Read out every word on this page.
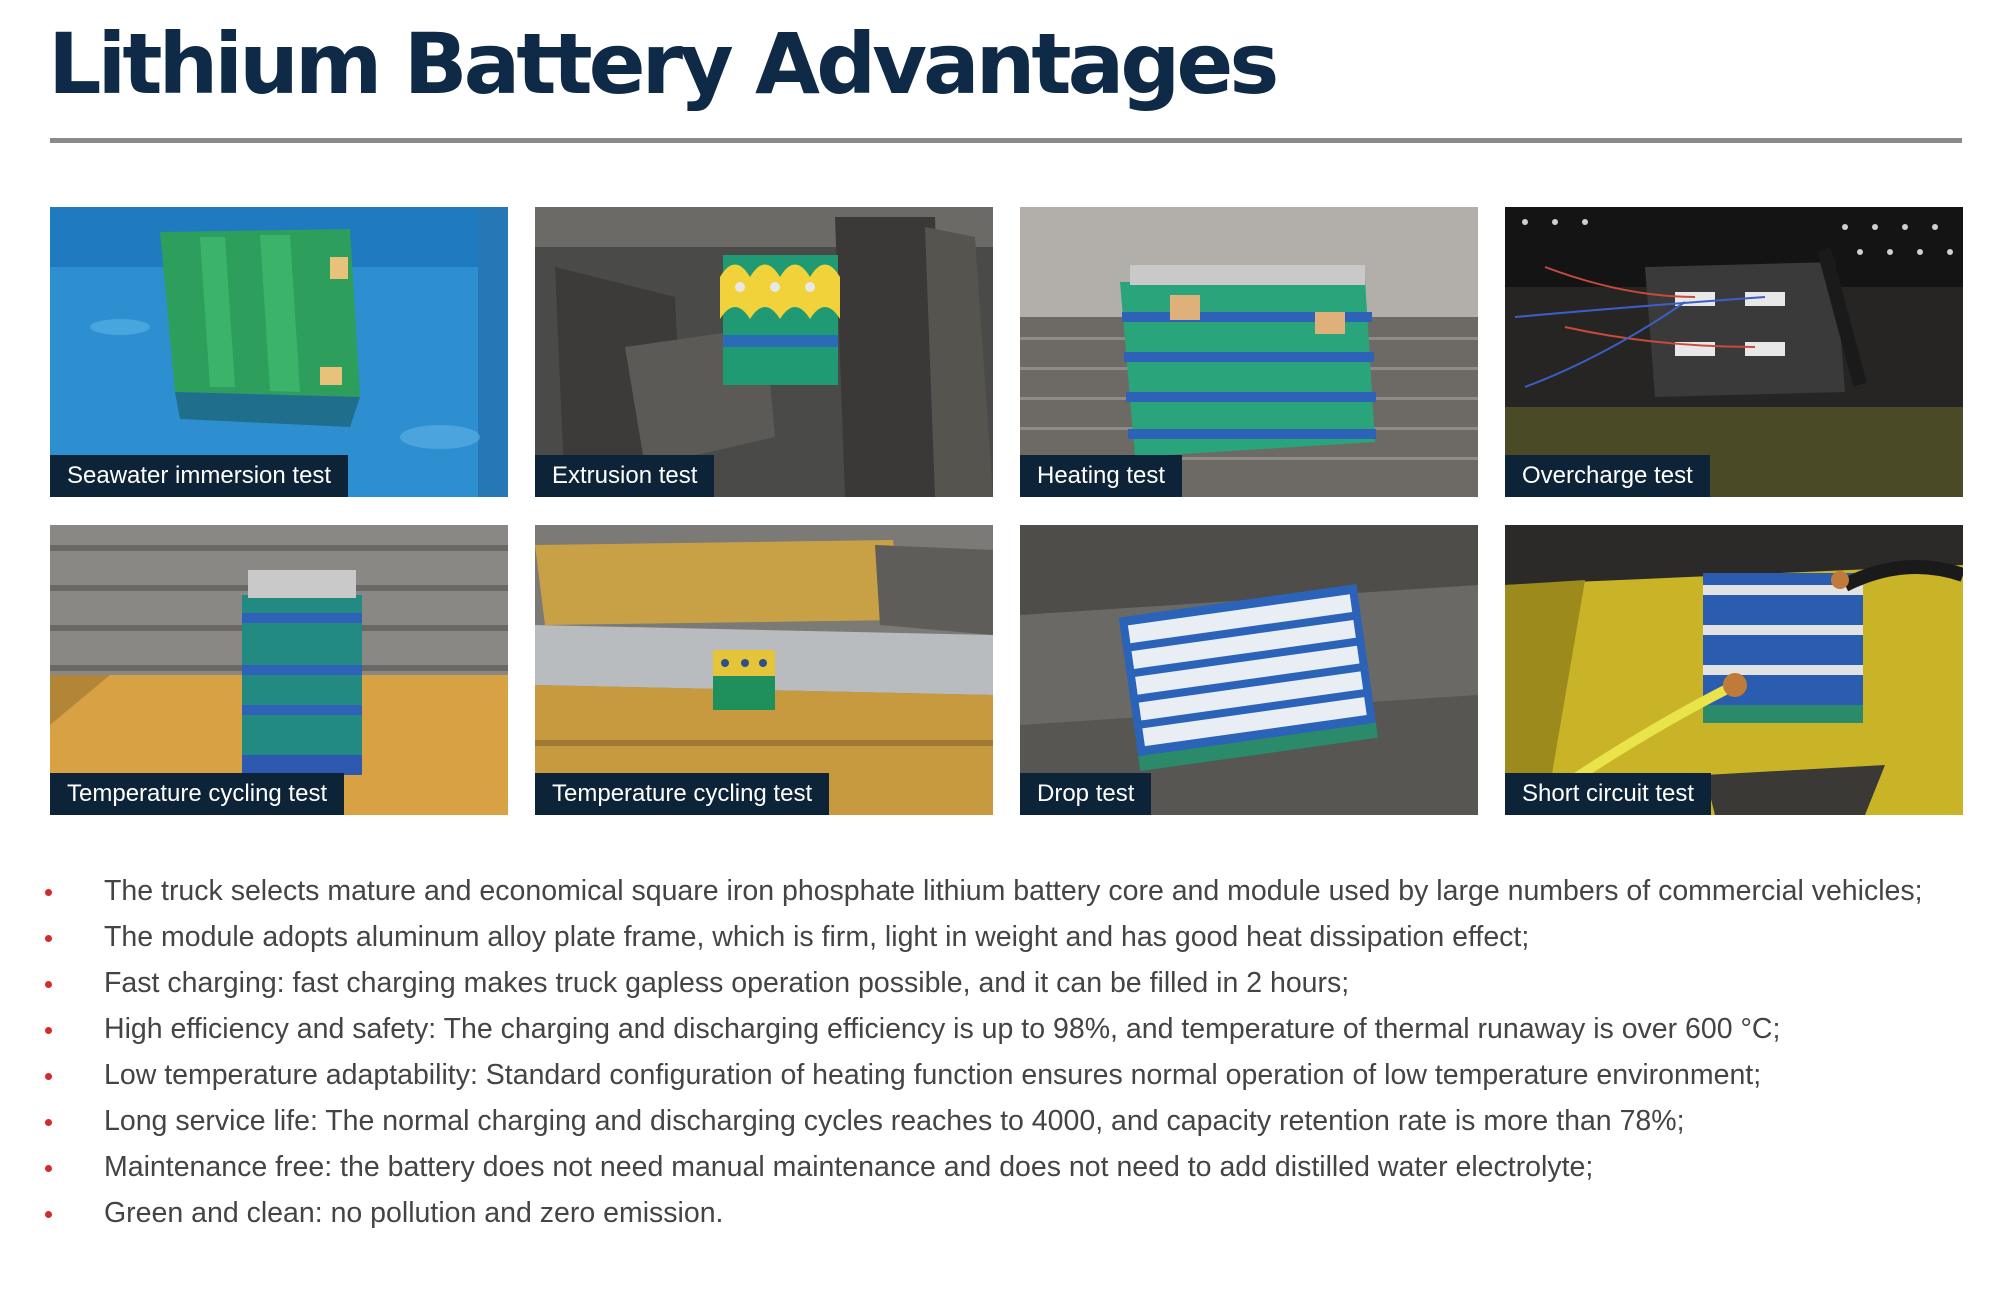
Lithium Battery Advantages
Seawater immersion test	Extrusion test	Heating test	Overcharge test
Temperature cycling test	Temperature cycling test	Drop test	Short circuit test
The truck selects mature and economical square iron phosphate lithium battery core and module used by large numbers of commercial vehicles;
The module adopts aluminum alloy plate frame, which is firm, light in weight and has good heat dissipation effect;
Fast charging: fast charging makes truck gapless operation possible, and it can be filled in 2 hours;
High efficiency and safety: The charging and discharging efficiency is up to 98%, and temperature of thermal runaway is over 600 °C;
Low temperature adaptability: Standard configuration of heating function ensures normal operation of low temperature environment;
Long service life: The normal charging and discharging cycles reaches to 4000, and capacity retention rate is more than 78%;
Maintenance free: the battery does not need manual maintenance and does not need to add distilled water electrolyte;
Green and clean: no pollution and zero emission.
